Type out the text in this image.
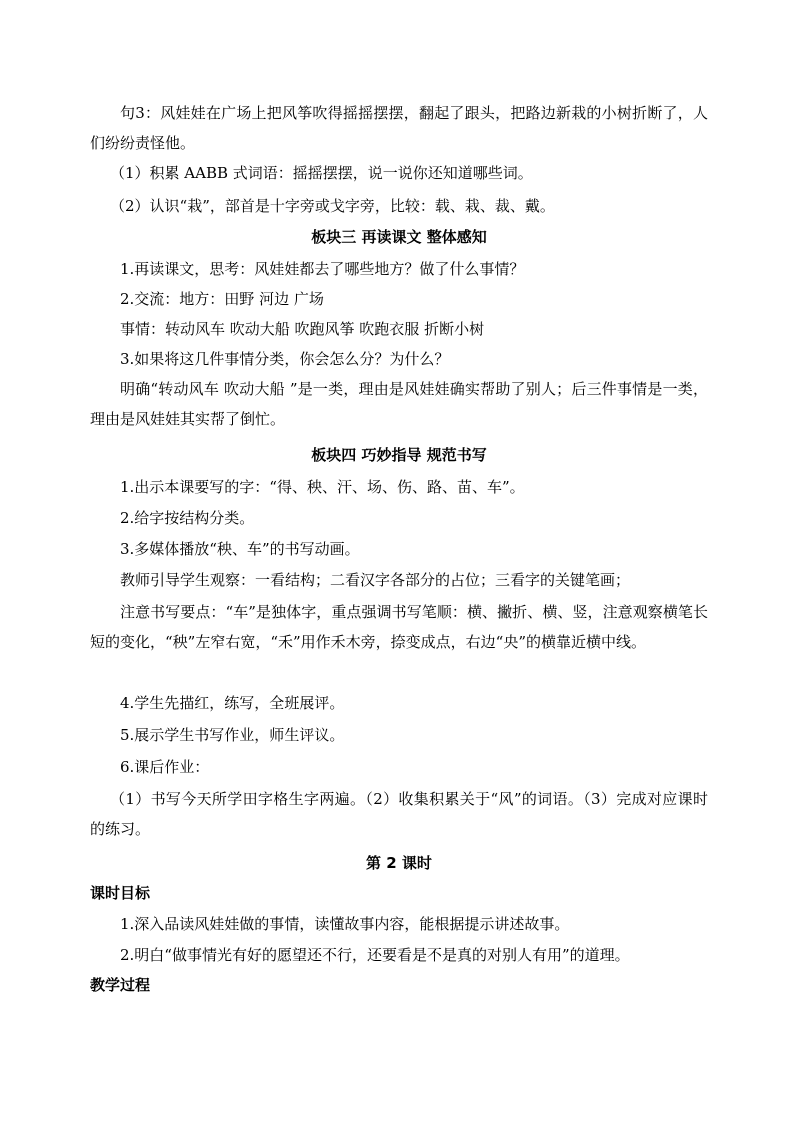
句3：风娃娃在广场上把风筝吹得摇摇摆摆，翻起了跟头，把路边新栽的小树折断了，人们纷纷责怪他。
（1）积累 AABB 式词语：摇摇摆摆，说一说你还知道哪些词。
（2）认识“栽”，部首是十字旁或戈字旁，比较：载、栽、裁、戴。
板块三 再读课文 整体感知
1.再读课文，思考：风娃娃都去了哪些地方？做了什么事情？
2.交流：地方：田野 河边 广场
事情：转动风车 吹动大船 吹跑风筝 吹跑衣服 折断小树
3.如果将这几件事情分类，你会怎么分？为什么？
明确“转动风车 吹动大船 ”是一类，理由是风娃娃确实帮助了别人；后三件事情是一类，理由是风娃娃其实帮了倒忙。
板块四 巧妙指导 规范书写
1.出示本课要写的字：“得、秧、汗、场、伤、路、苗、车”。
2.给字按结构分类。
3.多媒体播放“秧、车”的书写动画。
教师引导学生观察：一看结构；二看汉字各部分的占位；三看字的关键笔画；
注意书写要点：“车”是独体字，重点强调书写笔顺：横、撇折、横、竖，注意观察横笔长短的变化，“秧”左窄右宽，“禾”用作禾木旁，捺变成点，右边“央”的横靠近横中线。
4.学生先描红，练写，全班展评。
5.展示学生书写作业，师生评议。
6.课后作业：
（1）书写今天所学田字格生字两遍。（2）收集积累关于“风”的词语。（3）完成对应课时的练习。
第 2 课时
课时目标
1.深入品读风娃娃做的事情，读懂故事内容，能根据提示讲述故事。
2.明白“做事情光有好的愿望还不行，还要看是不是真的对别人有用”的道理。
教学过程
